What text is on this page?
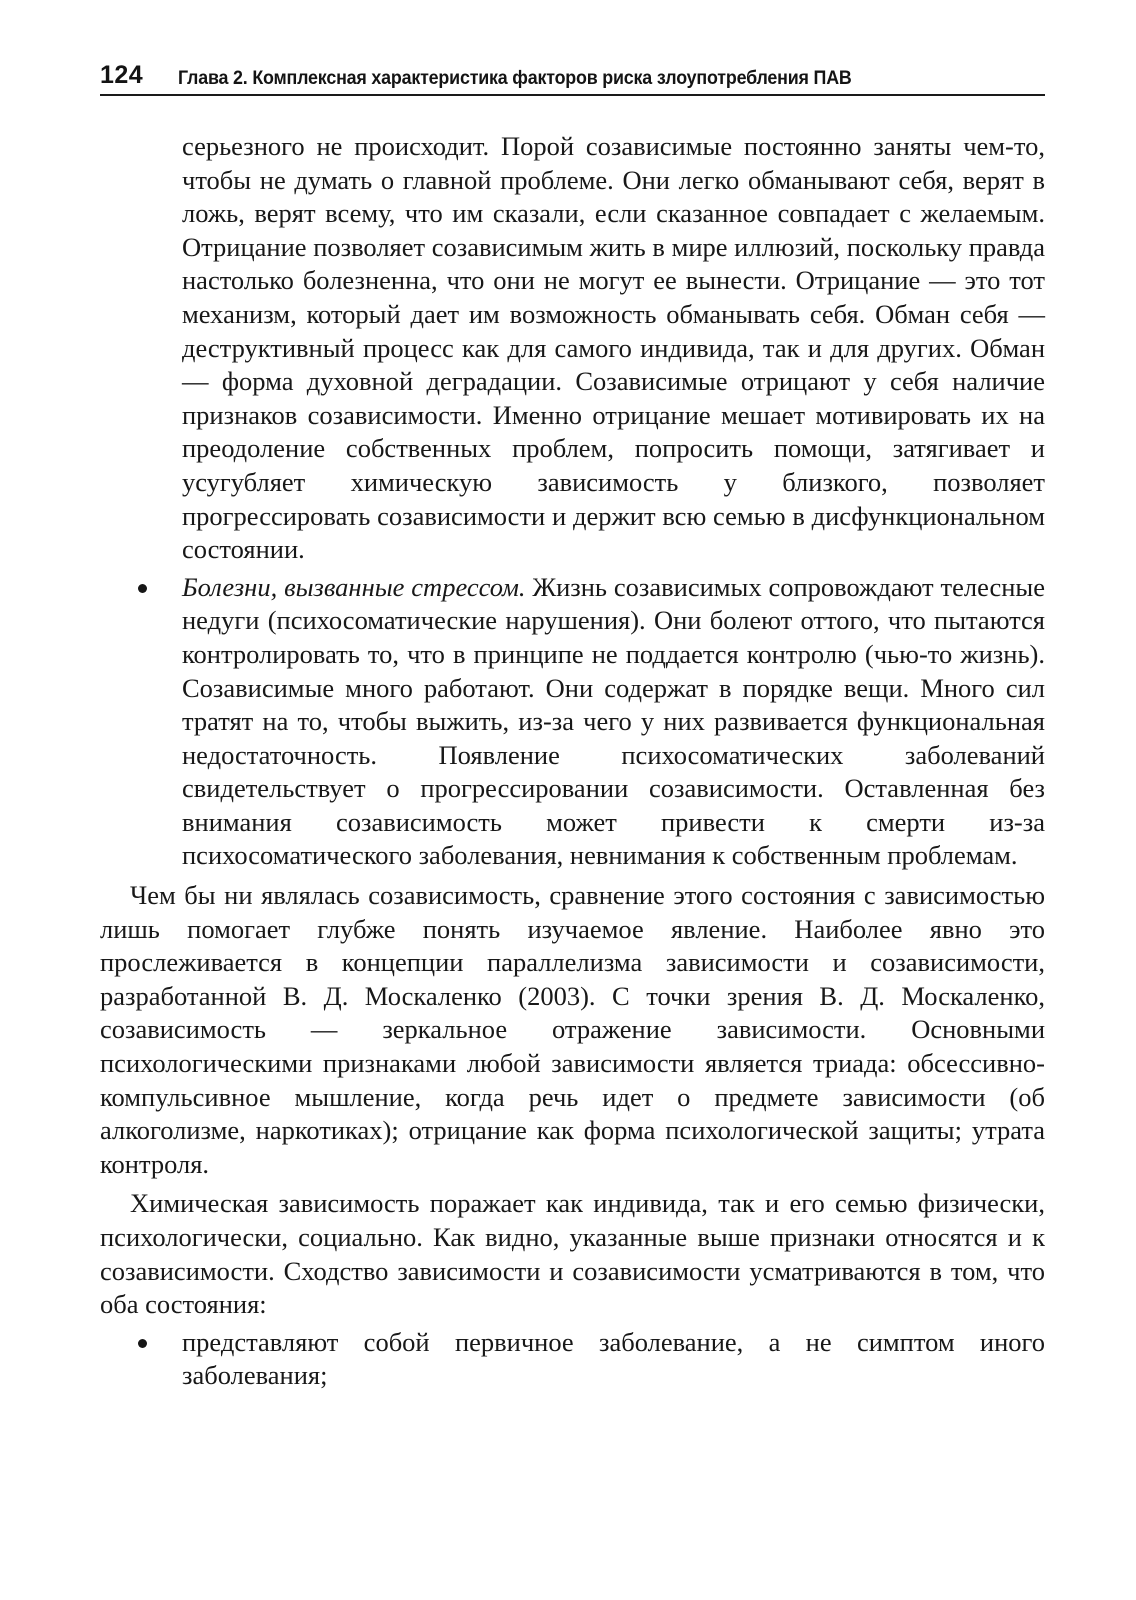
124	Глава 2. Комплексная характеристика факторов риска злоупотребления ПАВ

серьезного не происходит. Порой созависимые постоянно заняты чем-то, чтобы не думать о главной проблеме. Они легко обманывают себя, верят в ложь, верят всему, что им сказали, если сказанное совпадает с желаемым. Отрицание позволяет созависимым жить в мире иллюзий, поскольку правда настолько болезненна, что они не могут ее вынести. Отрицание — это тот механизм, который дает им возможность обманывать себя. Обман себя — деструктивный процесс как для самого индивида, так и для других. Обман — форма духовной деградации. Созависимые отрицают у себя наличие признаков созависимости. Именно отрицание мешает мотивировать их на преодоление собственных проблем, попросить помощи, затягивает и усугубляет химическую зависимость у близкого, позволяет прогрессировать созависимости и держит всю семью в дисфункциональном состоянии.

Болезни, вызванные стрессом. Жизнь созависимых сопровождают телесные недуги (психосоматические нарушения). Они болеют оттого, что пытаются контролировать то, что в принципе не поддается контролю (чью-то жизнь). Созависимые много работают. Они содержат в порядке вещи. Много сил тратят на то, чтобы выжить, из-за чего у них развивается функциональная недостаточность. Появление психосоматических заболеваний свидетельствует о прогрессировании созависимости. Оставленная без внимания созависимость может привести к смерти из-за психосоматического заболевания, невнимания к собственным проблемам.

Чем бы ни являлась созависимость, сравнение этого состояния с зависимостью лишь помогает глубже понять изучаемое явление. Наиболее явно это прослеживается в концепции параллелизма зависимости и созависимости, разработанной В. Д. Москаленко (2003). С точки зрения В. Д. Москаленко, созависимость — зеркальное отражение зависимости. Основными психологическими признаками любой зависимости является триада: обсессивно-компульсивное мышление, когда речь идет о предмете зависимости (об алкоголизме, наркотиках); отрицание как форма психологической защиты; утрата контроля.

Химическая зависимость поражает как индивида, так и его семью физически, психологически, социально. Как видно, указанные выше признаки относятся и к созависимости. Сходство зависимости и созависимости усматриваются в том, что оба состояния:

представляют собой первичное заболевание, а не симптом иного заболевания;
